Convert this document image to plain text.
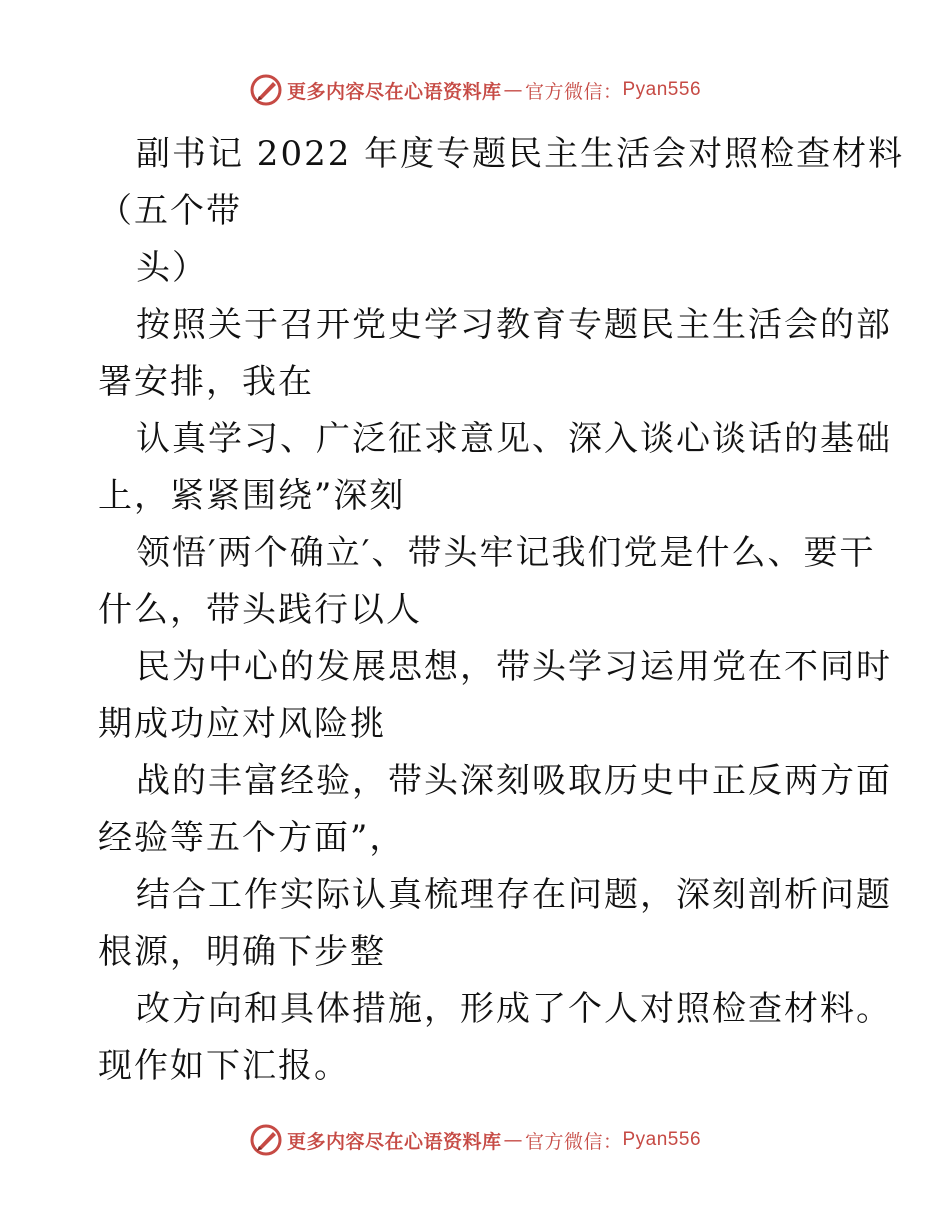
更多内容尽在心语资料库 — 官方微信： Pyan556
副书记 2022 年度专题民主生活会对照检查材料
（五个带
头）
按照关于召开党史学习教育专题民主生活会的部
署安排，我在
认真学习、广泛征求意见、深入谈心谈话的基础
上，紧紧围绕”深刻
领悟′两个确立′、带头牢记我们党是什么、要干
什么，带头践行以人
民为中心的发展思想，带头学习运用党在不同时
期成功应对风险挑
战的丰富经验，带头深刻吸取历史中正反两方面
经验等五个方面”，
结合工作实际认真梳理存在问题，深刻剖析问题
根源，明确下步整
改方向和具体措施，形成了个人对照检查材料。
现作如下汇报。
更多内容尽在心语资料库 — 官方微信： Pyan556
